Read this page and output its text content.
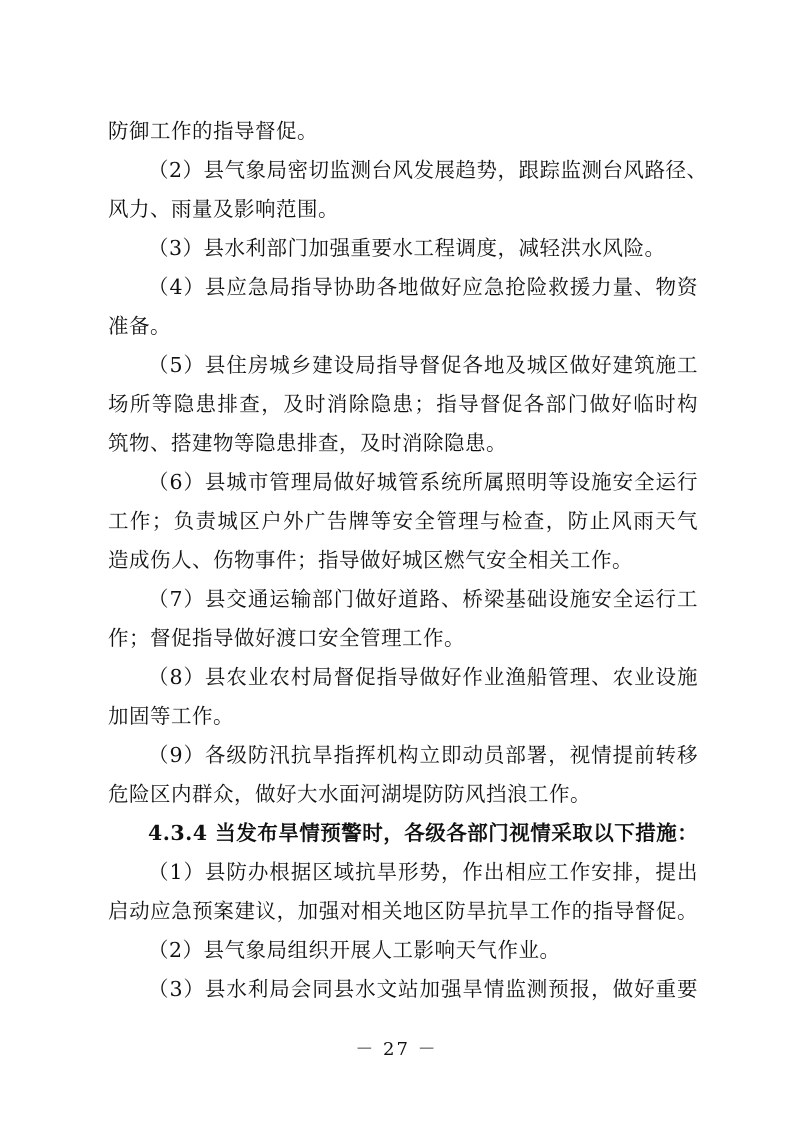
防御工作的指导督促。
（2）县气象局密切监测台风发展趋势，跟踪监测台风路径、
风力、雨量及影响范围。
（3）县水利部门加强重要水工程调度，减轻洪水风险。
（4）县应急局指导协助各地做好应急抢险救援力量、物资
准备。
（5）县住房城乡建设局指导督促各地及城区做好建筑施工
场所等隐患排查，及时消除隐患；指导督促各部门做好临时构
筑物、搭建物等隐患排查，及时消除隐患。
（6）县城市管理局做好城管系统所属照明等设施安全运行
工作；负责城区户外广告牌等安全管理与检查，防止风雨天气
造成伤人、伤物事件；指导做好城区燃气安全相关工作。
（7）县交通运输部门做好道路、桥梁基础设施安全运行工
作；督促指导做好渡口安全管理工作。
（8）县农业农村局督促指导做好作业渔船管理、农业设施
加固等工作。
（9）各级防汛抗旱指挥机构立即动员部署，视情提前转移
危险区内群众，做好大水面河湖堤防防风挡浪工作。
4.3.4 当发布旱情预警时，各级各部门视情采取以下措施：
（1）县防办根据区域抗旱形势，作出相应工作安排，提出
启动应急预案建议，加强对相关地区防旱抗旱工作的指导督促。
（2）县气象局组织开展人工影响天气作业。
（3）县水利局会同县水文站加强旱情监测预报，做好重要
－ 27 －
